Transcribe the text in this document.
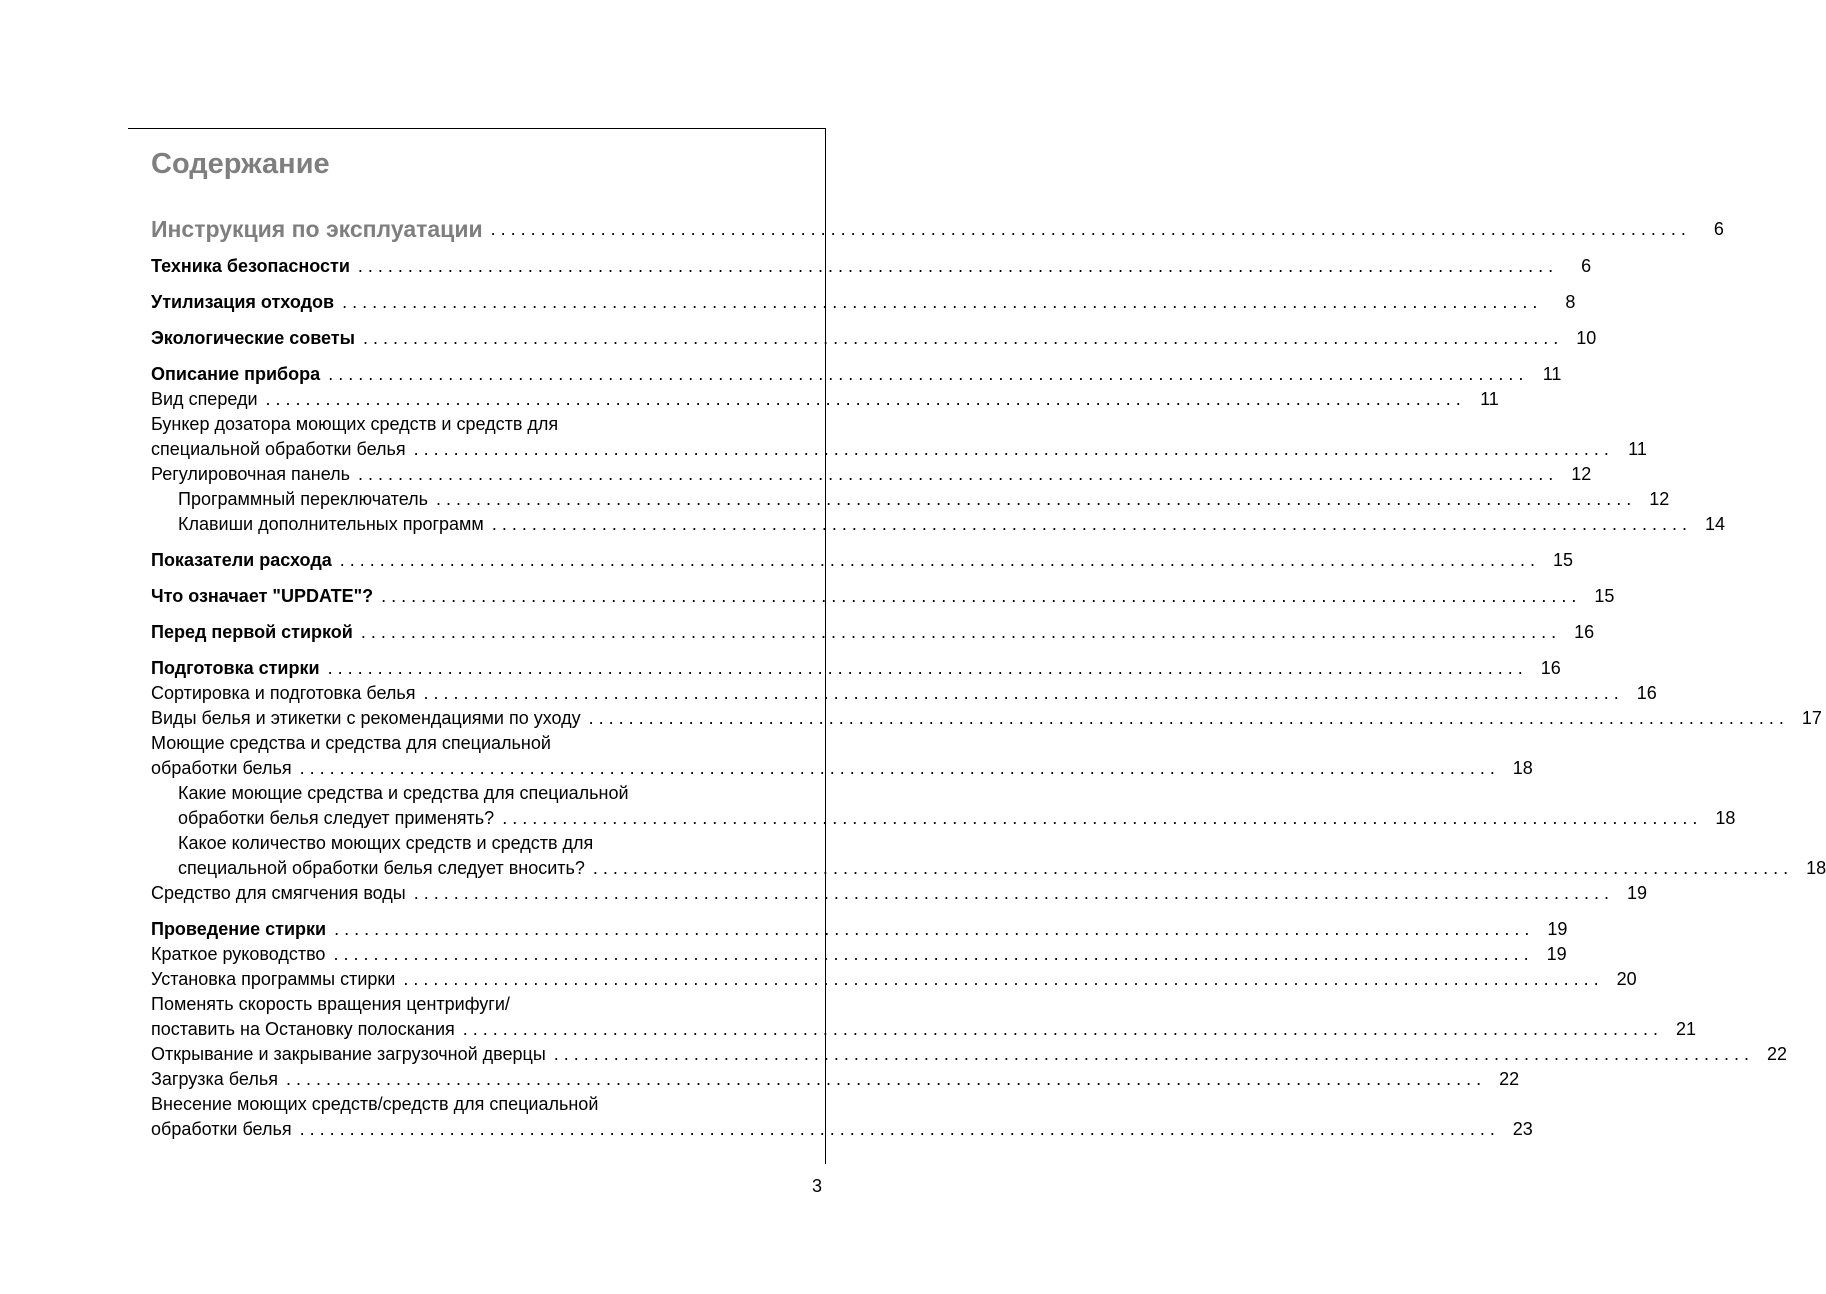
Содержание
Инструкция по эксплуатации . . . . . . . . . . . . . . . . . . . . . . . . . . . . . . . . . . . . . . . . . . . . . . . . . . . . . . . . . . . . . . . . . . . . . . . . . . . . . . . . . . . . . . . . . . . . . . . . . . . . . . . . . . . . . . . . . . . . . . . .	6
Техника безопасности . . . . . . . . . . . . . . . . . . . . . . . . . . . . . . . . . . . . . . . . . . . . . . . . . . . . . . . . . . . . . . . . . . . . . . . . . . . . . . . . . . . . . . . . . . . . . . . . . . . . . . . . . . . . . . . . . . . . . . . .	6
Утилизация отходов . . . . . . . . . . . . . . . . . . . . . . . . . . . . . . . . . . . . . . . . . . . . . . . . . . . . . . . . . . . . . . . . . . . . . . . . . . . . . . . . . . . . . . . . . . . . . . . . . . . . . . . . . . . . . . . . . . . . . . . .	8
Экологические советы . . . . . . . . . . . . . . . . . . . . . . . . . . . . . . . . . . . . . . . . . . . . . . . . . . . . . . . . . . . . . . . . . . . . . . . . . . . . . . . . . . . . . . . . . . . . . . . . . . . . . . . . . . . . . . . . . . . . . . . . 10
Описание прибора . . . . . . . . . . . . . . . . . . . . . . . . . . . . . . . . . . . . . . . . . . . . . . . . . . . . . . . . . . . . . . . . . . . . . . . . . . . . . . . . . . . . . . . . . . . . . . . . . . . . . . . . . . . . . . . . . . . . . . . .	11
Вид спереди . . . . . . . . . . . . . . . . . . . . . . . . . . . . . . . . . . . . . . . . . . . . . . . . . . . . . . . . . . . . . . . . . . . . . . . . . . . . . . . . . . . . . . . . . . . . . . . . . . . . . . . . . . . . . . . . . . . . . . . .	11
Бункер дозатора моющих средств и средств для
специальной обработки белья . . . . . . . . . . . . . . . . . . . . . . . . . . . . . . . . . . . . . . . . . . . . . . . . . . . . . . . . . . . . . . . . . . . . . . . . . . . . . . . . . . . . . . . . . . . . . . . . . . . . . . . . . . . . . . . . . . . . . . . .	11
Регулировочная панель . . . . . . . . . . . . . . . . . . . . . . . . . . . . . . . . . . . . . . . . . . . . . . . . . . . . . . . . . . . . . . . . . . . . . . . . . . . . . . . . . . . . . . . . . . . . . . . . . . . . . . . . . . . . . . . . . . . . . . . . 12
Программный переключатель . . . . . . . . . . . . . . . . . . . . . . . . . . . . . . . . . . . . . . . . . . . . . . . . . . . . . . . . . . . . . . . . . . . . . . . . . . . . . . . . . . . . . . . . . . . . . . . . . . . . . . . . . . . . . . . . . . . . . . . . 12
Клавиши дополнительных программ . . . . . . . . . . . . . . . . . . . . . . . . . . . . . . . . . . . . . . . . . . . . . . . . . . . . . . . . . . . . . . . . . . . . . . . . . . . . . . . . . . . . . . . . . . . . . . . . . . . . . . . . . . . . . . . . . . . . . . . . 14
Показатели расхода . . . . . . . . . . . . . . . . . . . . . . . . . . . . . . . . . . . . . . . . . . . . . . . . . . . . . . . . . . . . . . . . . . . . . . . . . . . . . . . . . . . . . . . . . . . . . . . . . . . . . . . . . . . . . . . . . . . . . . . . 15
Что означает "UPDATE"? . . . . . . . . . . . . . . . . . . . . . . . . . . . . . . . . . . . . . . . . . . . . . . . . . . . . . . . . . . . . . . . . . . . . . . . . . . . . . . . . . . . . . . . . . . . . . . . . . . . . . . . . . . . . . . . . . . . . . . . . 15
Перед первой стиркой . . . . . . . . . . . . . . . . . . . . . . . . . . . . . . . . . . . . . . . . . . . . . . . . . . . . . . . . . . . . . . . . . . . . . . . . . . . . . . . . . . . . . . . . . . . . . . . . . . . . . . . . . . . . . . . . . . . . . . . . 16
Подготовка стирки . . . . . . . . . . . . . . . . . . . . . . . . . . . . . . . . . . . . . . . . . . . . . . . . . . . . . . . . . . . . . . . . . . . . . . . . . . . . . . . . . . . . . . . . . . . . . . . . . . . . . . . . . . . . . . . . . . . . . . . . 16
Сортировка и подготовка белья . . . . . . . . . . . . . . . . . . . . . . . . . . . . . . . . . . . . . . . . . . . . . . . . . . . . . . . . . . . . . . . . . . . . . . . . . . . . . . . . . . . . . . . . . . . . . . . . . . . . . . . . . . . . . . . . . . . . . . . . 16
Виды белья и этикетки с рекомендациями по уходу . . . . . . . . . . . . . . . . . . . . . . . . . . . . . . . . . . . . . . . . . . . . . . . . . . . . . . . . . . . . . . . . . . . . . . . . . . . . . . . . . . . . . . . . . . . . . . . . . . . . . . . . . . . . . . . . . . . . . . . . 17
Моющие средства и средства для специальной
обработки белья . . . . . . . . . . . . . . . . . . . . . . . . . . . . . . . . . . . . . . . . . . . . . . . . . . . . . . . . . . . . . . . . . . . . . . . . . . . . . . . . . . . . . . . . . . . . . . . . . . . . . . . . . . . . . . . . . . . . . . . . 18
Какие моющие средства и средства для специальной
обработки белья следует применять? . . . . . . . . . . . . . . . . . . . . . . . . . . . . . . . . . . . . . . . . . . . . . . . . . . . . . . . . . . . . . . . . . . . . . . . . . . . . . . . . . . . . . . . . . . . . . . . . . . . . . . . . . . . . . . . . . . . . . . . . 18
Какое количество моющих средств и средств для
специальной обработки белья следует вносить? . . . . . . . . . . . . . . . . . . . . . . . . . . . . . . . . . . . . . . . . . . . . . . . . . . . . . . . . . . . . . . . . . . . . . . . . . . . . . . . . . . . . . . . . . . . . . . . . . . . . . . . . . . . . . . . . . . . . . . . . 18
Средство для смягчения воды . . . . . . . . . . . . . . . . . . . . . . . . . . . . . . . . . . . . . . . . . . . . . . . . . . . . . . . . . . . . . . . . . . . . . . . . . . . . . . . . . . . . . . . . . . . . . . . . . . . . . . . . . . . . . . . . . . . . . . . . 19
Проведение стирки . . . . . . . . . . . . . . . . . . . . . . . . . . . . . . . . . . . . . . . . . . . . . . . . . . . . . . . . . . . . . . . . . . . . . . . . . . . . . . . . . . . . . . . . . . . . . . . . . . . . . . . . . . . . . . . . . . . . . . . . 19
Краткое руководство . . . . . . . . . . . . . . . . . . . . . . . . . . . . . . . . . . . . . . . . . . . . . . . . . . . . . . . . . . . . . . . . . . . . . . . . . . . . . . . . . . . . . . . . . . . . . . . . . . . . . . . . . . . . . . . . . . . . . . . . 19
Установка программы стирки . . . . . . . . . . . . . . . . . . . . . . . . . . . . . . . . . . . . . . . . . . . . . . . . . . . . . . . . . . . . . . . . . . . . . . . . . . . . . . . . . . . . . . . . . . . . . . . . . . . . . . . . . . . . . . . . . . . . . . . . 20
Поменять скорость вращения центрифуги/
поставить на Остановку полоскания . . . . . . . . . . . . . . . . . . . . . . . . . . . . . . . . . . . . . . . . . . . . . . . . . . . . . . . . . . . . . . . . . . . . . . . . . . . . . . . . . . . . . . . . . . . . . . . . . . . . . . . . . . . . . . . . . . . . . . . . 21
Открывание и закрывание загрузочной дверцы . . . . . . . . . . . . . . . . . . . . . . . . . . . . . . . . . . . . . . . . . . . . . . . . . . . . . . . . . . . . . . . . . . . . . . . . . . . . . . . . . . . . . . . . . . . . . . . . . . . . . . . . . . . . . . . . . . . . . . . . 22
Загрузка белья . . . . . . . . . . . . . . . . . . . . . . . . . . . . . . . . . . . . . . . . . . . . . . . . . . . . . . . . . . . . . . . . . . . . . . . . . . . . . . . . . . . . . . . . . . . . . . . . . . . . . . . . . . . . . . . . . . . . . . . . 22
Внесение моющих средств/средств для специальной
обработки белья . . . . . . . . . . . . . . . . . . . . . . . . . . . . . . . . . . . . . . . . . . . . . . . . . . . . . . . . . . . . . . . . . . . . . . . . . . . . . . . . . . . . . . . . . . . . . . . . . . . . . . . . . . . . . . . . . . . . . . . . 23
3
